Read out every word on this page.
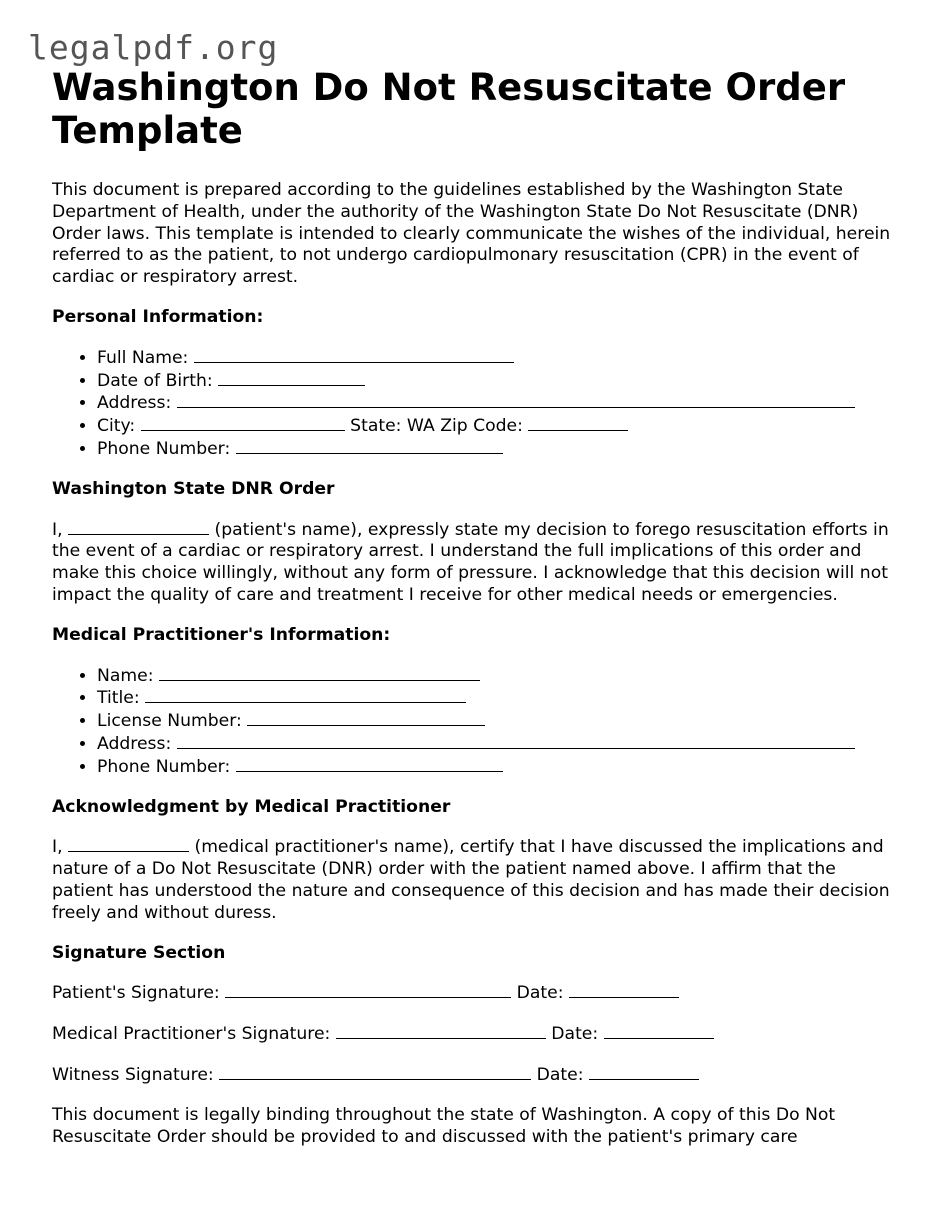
legalpdf.org
Washington Do Not Resuscitate Order Template

This document is prepared according to the guidelines established by the Washington State Department of Health, under the authority of the Washington State Do Not Resuscitate (DNR) Order laws. This template is intended to clearly communicate the wishes of the individual, herein referred to as the patient, to not undergo cardiopulmonary resuscitation (CPR) in the event of cardiac or respiratory arrest.

Personal Information:
• Full Name:
• Date of Birth:
• Address:
• City:	State: WA Zip Code:
• Phone Number:
Washington State DNR Order

I,	(patient's name), expressly state my decision to forego resuscitation efforts in the event of a cardiac or respiratory arrest. I understand the full implications of this order and make this choice willingly, without any form of pressure. I acknowledge that this decision will not impact the quality of care and treatment I receive for other medical needs or emergencies.

Medical Practitioner's Information:
• Name:
• Title:
• License Number:
• Address:
• Phone Number:
Acknowledgment by Medical Practitioner

I,	(medical practitioner's name), certify that I have discussed the implications and nature of a Do Not Resuscitate (DNR) order with the patient named above. I affirm that the patient has understood the nature and consequence of this decision and has made their decision freely and without duress.

Signature Section

Patient's Signature:	Date:

Medical Practitioner's Signature:	Date:

Witness Signature:	Date:

This document is legally binding throughout the state of Washington. A copy of this Do Not Resuscitate Order should be provided to and discussed with the patient's primary care
